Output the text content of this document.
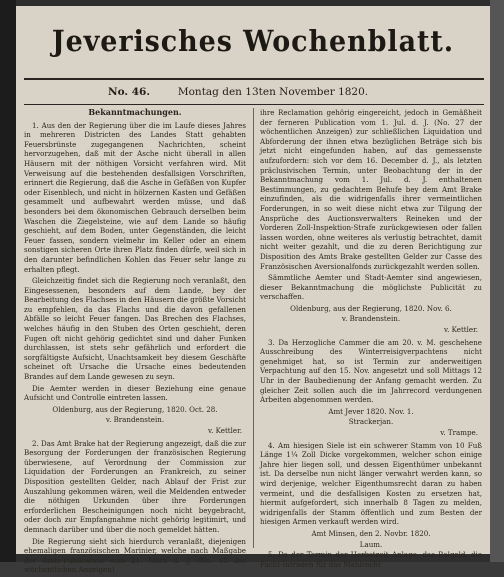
Jeverisches Wochenblatt.
No. 46.	Montag den 13ten November 1820.
Bekanntmachungen.

1. Aus den der Regierung über die im Laufe dieses Jahres in mehreren Districten des Landes Statt gehabten Feuersbrünste zugegangenen Nachrichten, scheint hervorzugehen, daß mit der Asche nicht überall in allen Häusern mit der nöthigen Vorsicht verfahren wird. Mit Verweisung auf die bestehenden desfallsigen Vorschriften, erinnert die Regierung, daß die Asche in Gefäßen von Kupfer oder Eisenblech, und nicht in hölzernen Kasten und Gefäßen gesammelt und aufbewahrt werden müsse, und daß besonders bei dem ökonomischen Gebrauch derselben beim Waschen die Ziegelsteine, wie auf dem Lande so häufig geschieht, auf dem Boden, unter Gegenständen, die leicht Feuer fassen, sondern vielmehr im Keller oder an einem sonstigen sicheren Orte ihren Platz finden dürfe, weil sich in den darunter befindlichen Kohlen das Feuer sehr lange zu erhalten pflegt.

Gleichzeitig findet sich die Regierung noch veranlaßt, den Eingesessenen, besonders auf dem Lande, bey der Bearbeitung des Flachses in den Häusern die größte Vorsicht zu empfehlen, da das Flachs und die davon gefallenen Abfälle so leicht Feuer fangen. Das Brechen des Flachses, welches häufig in den Stuben des Orten geschieht, deren Fugen oft nicht gehörig gedichtet sind und daher Funken durchlassen, ist stets sehr gefährlich und erfordert die sorgfältigste Aufsicht, Unachtsamkeit bey diesem Geschäfte scheinet oft Ursache die Ursache eines bedeutenden Brandes auf dem Lande gewesen zu seyn.

Die Aemter werden in dieser Beziehung eine genaue Aufsicht und Controlle eintreten lassen.

Oldenburg, aus der Regierung, 1820. Oct. 28.
v. Brandenstein.
v. Kettler.

2. Das Amt Brake hat der Regierung angezeigt, daß die zur Besorgung der Forderungen der französischen Regierung überwiesene, auf Verordnung der Commission zur Liquidation der Forderungen an Frankreich, zu seiner Disposition gestellten Gelder, nach Ablauf der Frist zur Auszahlung gekommen wären, weil die Meldenden entweder die nöthigen Urkunden über ihre Forderungen erforderlichen Bescheinigungen noch nicht beygebracht, oder doch zur Empfangnahme nicht gehörig legitimirt, und demnach darüber und über die noch gemeldet hätten.

Die Regierung sieht sich hierdurch veranlaßt, diejenigen ehemaligen französischen Marinier, welche nach Maßgabe der Amts-Publication vom 21. März d. J. (No. 13 der wöchentlichen Anzeigen)

ihre Reclamation gehörig eingereicht, jedoch in Gemäßheit der ferneren Publication vom 1. Jul. d. J. (No. 27 der wöchentlichen Anzeigen) zur schließlichen Liquidation und Abforderung der ihnen etwa bezüglichen Beträge sich bis jetzt nicht eingefunden haben, auf das gemessenste aufzufordern: sich vor dem 16. December d. J., als letzten präclusivischen Termin, unter Beobachtung der in der Bekanntmachung vom 1. Jul. d. J. enthaltenen Bestimmungen, zu gedachtem Behufe bey dem Amt Brake einzufinden, als die widrigenfalls ihrer vermeintlichen Forderungen, in so weit diese nicht etwa zur Tilgung der Ansprüche des Auctionsverwalters Reineken und der Vorderen Zoll-Inspektion-Strafe zurückgewiesen oder fallen lassen worden, ohne weiteres als verlustig betrachtet, damit nicht weiter gezahlt, und die zu deren Berichtigung zur Disposition des Amts Brake gestellten Gelder zur Casse des Französischen Aversionalfonds zurückgezahlt werden sollen.

Sämmtliche Aemter und Stadt-Aemter sind angewiesen, dieser Bekanntmachung die möglichste Publicität zu verschaffen.

Oldenburg, aus der Regierung, 1820. Nov. 6.
v. Brandenstein.
v. Kettler.

3. Da Herzogliche Cammer die am 20. v. M. geschehene Ausschreibung des Winterreisigverpachtens nicht genehmiget hat, so ist Termin zur anderweitigen Verpachtung auf den 15. Nov. angesetzt und soll Mittags 12 Uhr in der Baubedienung der Anfang gemacht werden. Zu gleicher Zeit sollen auch die im Jahrrecord verdungenen Arbeiten abgenommen werden.

Amt Jever 1820. Nov. 1.
Strackerjan.
v. Trampe.

4. Am hiesigen Siele ist ein schwerer Stamm von 10 Fuß Länge 1¼ Zoll Dicke vorgekommen, welcher schon einige Jahre hier liegen soll, und dessen Eigenthümer unbekannt ist. Da derselbe nun nicht länger verwahrt werden kann, so wird derjenige, welcher Eigenthumsrecht daran zu haben vermeint, und die desfallsigen Kosten zu ersetzen hat, hiermit aufgefordert, sich innerhalb 8 Tagen zu melden, widrigenfalls der Stamm öffentlich und zum Besten der hiesigen Armen verkauft werden wird.

Amt Minsen, den 2. Novbr. 1820.
Laum.

5. Da der Termin der Herbstzeit Anlage, das Balgeld, die Pacht-Intraden für das Mahlrecht
